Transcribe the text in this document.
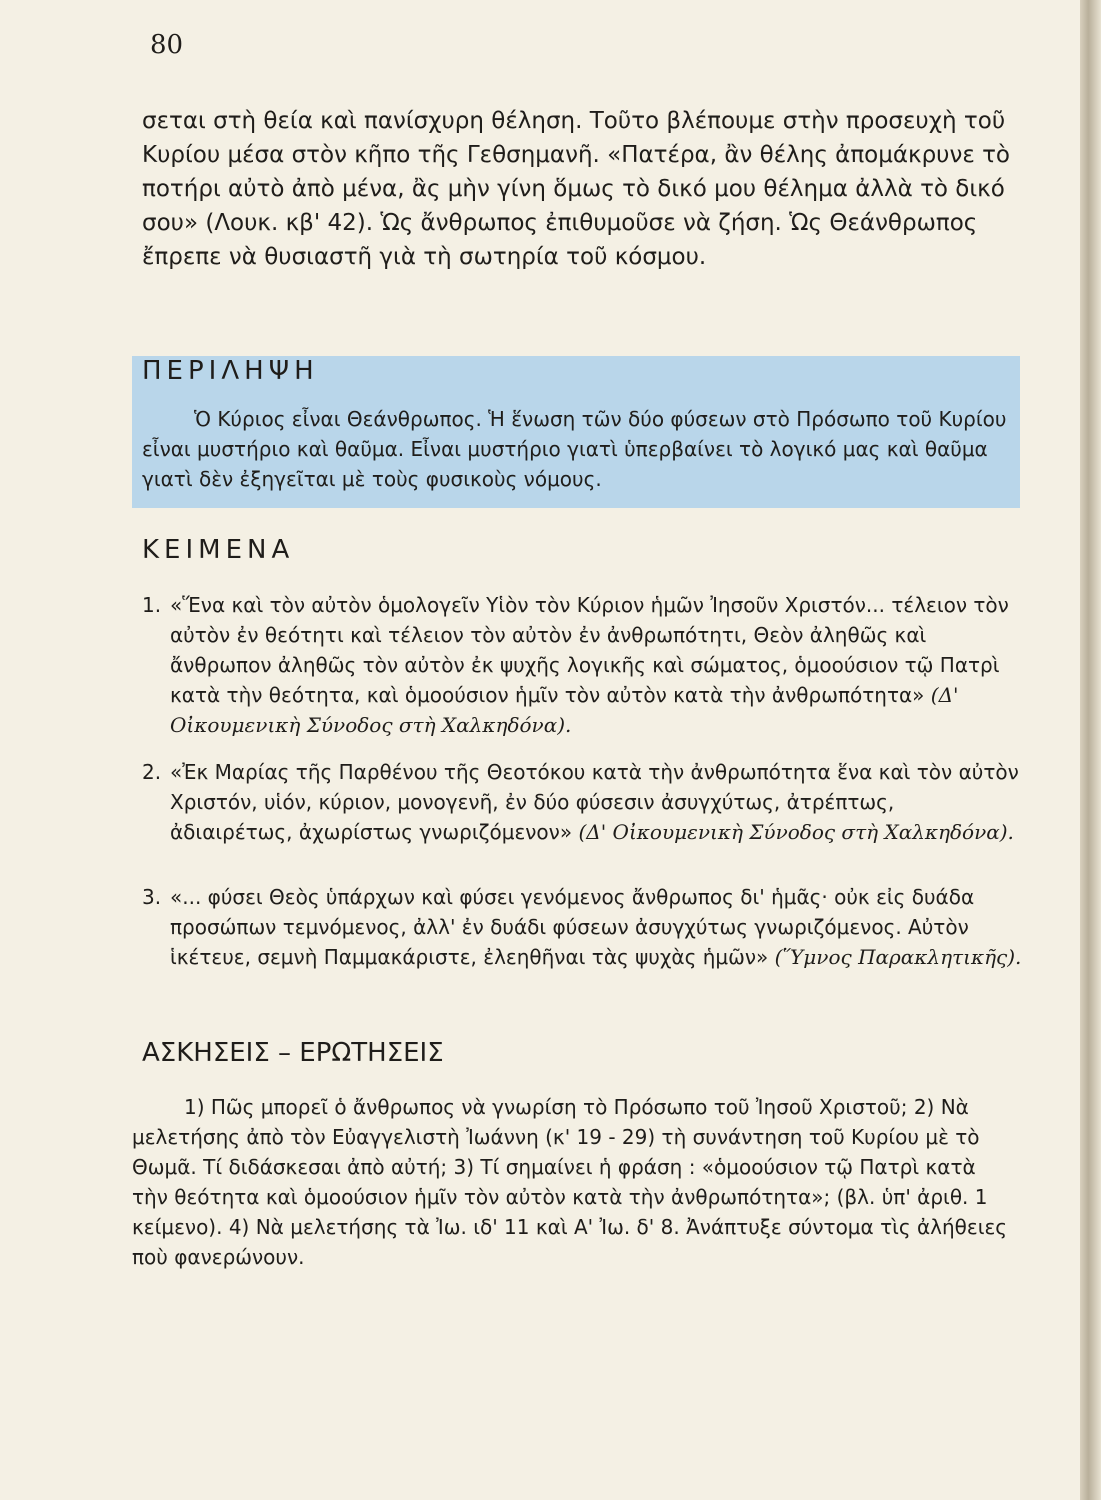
80
σεται στὴ θεία καὶ πανίσχυρη θέληση. Τοῦτο βλέπουμε στὴν προσευχὴ τοῦ Κυρίου μέσα στὸν κῆπο τῆς Γεθσημανῆ. «Πατέρα, ἂν θέλης ἀπομάκρυνε τὸ ποτήρι αὐτὸ ἀπὸ μένα, ἂς μὴν γίνη ὅμως τὸ δικό μου θέλημα ἀλλὰ τὸ δικό σου» (Λουκ. κβ' 42). Ὡς ἄνθρωπος ἐπιθυμοῦσε νὰ ζήση. Ὡς Θεάνθρωπος ἔπρεπε νὰ θυσιαστῆ γιὰ τὴ σωτηρία τοῦ κόσμου.
ΠΕΡΙΛΗΨΗ
Ὁ Κύριος εἶναι Θεάνθρωπος. Ἡ ἕνωση τῶν δύο φύσεων στὸ Πρόσωπο τοῦ Κυρίου εἶναι μυστήριο καὶ θαῦμα. Εἶναι μυστήριο γιατὶ ὑπερβαίνει τὸ λογικό μας καὶ θαῦμα γιατὶ δὲν ἐξηγεῖται μὲ τοὺς φυσικοὺς νόμους.
ΚΕΙΜΕΝΑ
1. «Ἕνα καὶ τὸν αὐτὸν ὁμολογεῖν Υἱὸν τὸν Κύριον ἡμῶν Ἰησοῦν Χριστόν... τέλειον τὸν αὐτὸν ἐν θεότητι καὶ τέλειον τὸν αὐτὸν ἐν ἀνθρωπότητι, Θεὸν ἀληθῶς καὶ ἄνθρωπον ἀληθῶς τὸν αὐτὸν ἐκ ψυχῆς λογικῆς καὶ σώματος, ὁμοούσιον τῷ Πατρὶ κατὰ τὴν θεότητα, καὶ ὁμοούσιον ἡμῖν τὸν αὐτὸν κατὰ τὴν ἀνθρωπότητα» (Δ' Οἰκουμενικὴ Σύνοδος στὴ Χαλκηδόνα).
2. «Ἐκ Μαρίας τῆς Παρθένου τῆς Θεοτόκου κατὰ τὴν ἀνθρωπότητα ἕνα καὶ τὸν αὐτὸν Χριστόν, υἱόν, κύριον, μονογενῆ, ἐν δύο φύσεσιν ἀσυγχύτως, ἀτρέπτως, ἀδιαιρέτως, ἀχωρίστως γνωριζόμενον» (Δ' Οἰκουμενικὴ Σύνοδος στὴ Χαλκηδόνα).
3. «... φύσει Θεὸς ὑπάρχων καὶ φύσει γενόμενος ἄνθρωπος δι' ἡμᾶς· οὐκ εἰς δυάδα προσώπων τεμνόμενος, ἀλλ' ἐν δυάδι φύσεων ἀσυγχύτως γνωριζόμενος. Αὐτὸν ἱκέτευε, σεμνὴ Παμμακάριστε, ἐλεηθῆναι τὰς ψυχὰς ἡμῶν» (Ὕμνος Παρακλητικῆς).
ΑΣΚΗΣΕΙΣ – ΕΡΩΤΗΣΕΙΣ
1) Πῶς μπορεῖ ὁ ἄνθρωπος νὰ γνωρίση τὸ Πρόσωπο τοῦ Ἰησοῦ Χριστοῦ; 2) Νὰ μελετήσης ἀπὸ τὸν Εὐαγγελιστὴ Ἰωάννη (κ' 19 - 29) τὴ συνάντηση τοῦ Κυρίου μὲ τὸ Θωμᾶ. Τί διδάσκεσαι ἀπὸ αὐτή; 3) Τί σημαίνει ἡ φράση : «ὁμοούσιον τῷ Πατρὶ κατὰ τὴν θεότητα καὶ ὁμοούσιον ἡμῖν τὸν αὐτὸν κατὰ τὴν ἀνθρωπότητα»; (βλ. ὑπ' ἀριθ. 1 κείμενο). 4) Νὰ μελετήσης τὰ Ἰω. ιδ' 11 καὶ Α' Ἰω. δ' 8. Ἀνάπτυξε σύντομα τὶς ἀλήθειες ποὺ φανερώνουν.
